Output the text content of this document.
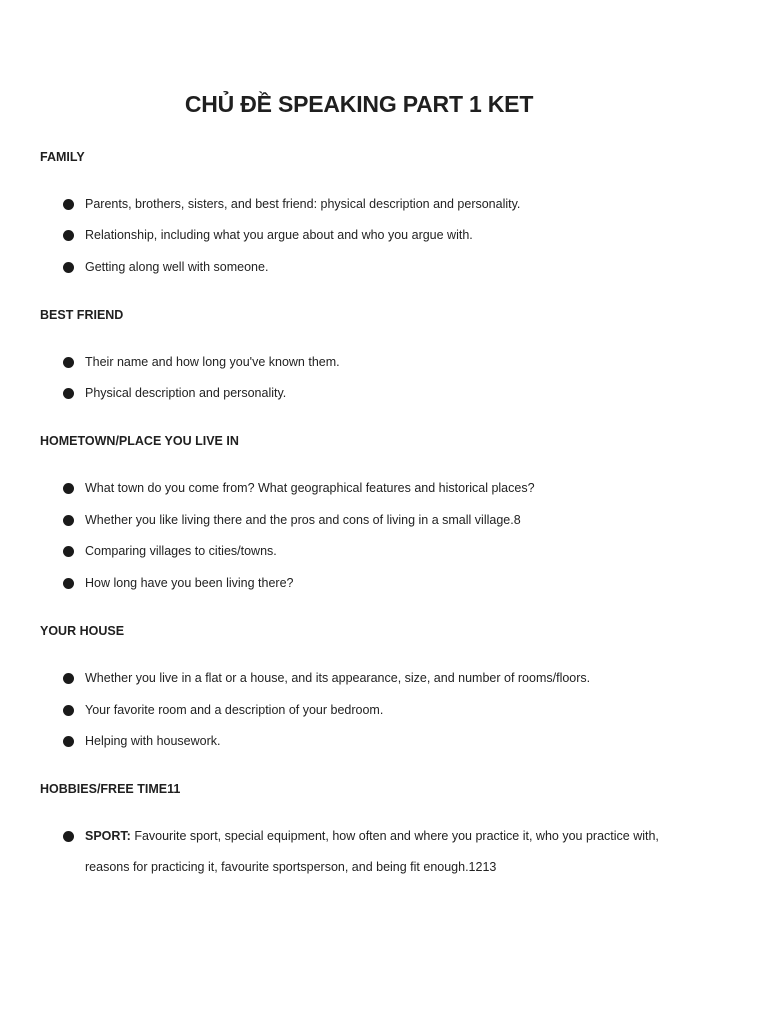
CHỦ ĐỀ SPEAKING PART 1 KET
FAMILY
Parents, brothers, sisters, and best friend: physical description and personality.
Relationship, including what you argue about and who you argue with.
Getting along well with someone.
BEST FRIEND
Their name and how long you've known them.
Physical description and personality.
HOMETOWN/PLACE YOU LIVE IN
What town do you come from? What geographical features and historical places?
Whether you like living there and the pros and cons of living in a small village.8
Comparing villages to cities/towns.
How long have you been living there?
YOUR HOUSE
Whether you live in a flat or a house, and its appearance, size, and number of rooms/floors.
Your favorite room and a description of your bedroom.
Helping with housework.
HOBBIES/FREE TIME11
SPORT: Favourite sport, special equipment, how often and where you practice it, who you practice with, reasons for practicing it, favourite sportsperson, and being fit enough.1213
